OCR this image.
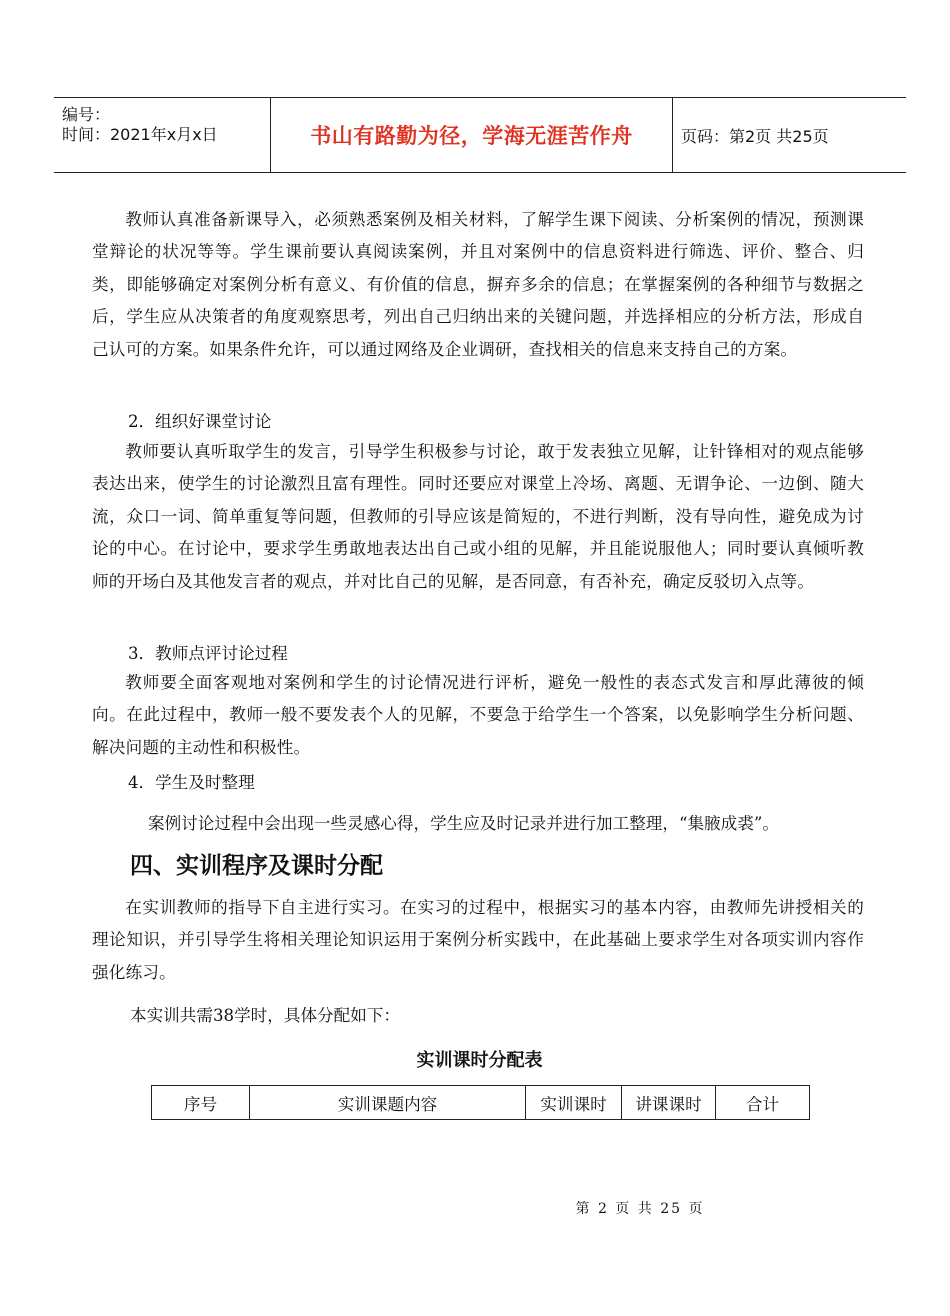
编号：
时间：2021年x月x日	书山有路勤为径，学海无涯苦作舟	页码：第2页 共25页

教师认真准备新课导入，必须熟悉案例及相关材料，了解学生课下阅读、分析案例的情况，预测课堂辩论的状况等等。学生课前要认真阅读案例，并且对案例中的信息资料进行筛选、评价、整合、归类，即能够确定对案例分析有意义、有价值的信息，摒弃多余的信息；在掌握案例的各种细节与数据之后，学生应从决策者的角度观察思考，列出自己归纳出来的关键问题，并选择相应的分析方法，形成自己认可的方案。如果条件允许，可以通过网络及企业调研，查找相关的信息来支持自己的方案。

2．组织好课堂讨论

教师要认真听取学生的发言，引导学生积极参与讨论，敢于发表独立见解，让针锋相对的观点能够表达出来，使学生的讨论激烈且富有理性。同时还要应对课堂上冷场、离题、无谓争论、一边倒、随大流，众口一词、简单重复等问题，但教师的引导应该是简短的，不进行判断，没有导向性，避免成为讨论的中心。在讨论中，要求学生勇敢地表达出自己或小组的见解，并且能说服他人；同时要认真倾听教师的开场白及其他发言者的观点，并对比自己的见解，是否同意，有否补充，确定反驳切入点等。

3．教师点评讨论过程

教师要全面客观地对案例和学生的讨论情况进行评析，避免一般性的表态式发言和厚此薄彼的倾向。在此过程中，教师一般不要发表个人的见解，不要急于给学生一个答案，以免影响学生分析问题、解决问题的主动性和积极性。

4．学生及时整理

案例讨论过程中会出现一些灵感心得，学生应及时记录并进行加工整理，“集腋成裘”。

四、实训程序及课时分配

在实训教师的指导下自主进行实习。在实习的过程中，根据实习的基本内容，由教师先讲授相关的理论知识，并引导学生将相关理论知识运用于案例分析实践中，在此基础上要求学生对各项实训内容作强化练习。

本实训共需38学时，具体分配如下：

实训课时分配表

序号	实训课题内容	实训课时	讲课课时	合计
第 2 页 共 25 页
